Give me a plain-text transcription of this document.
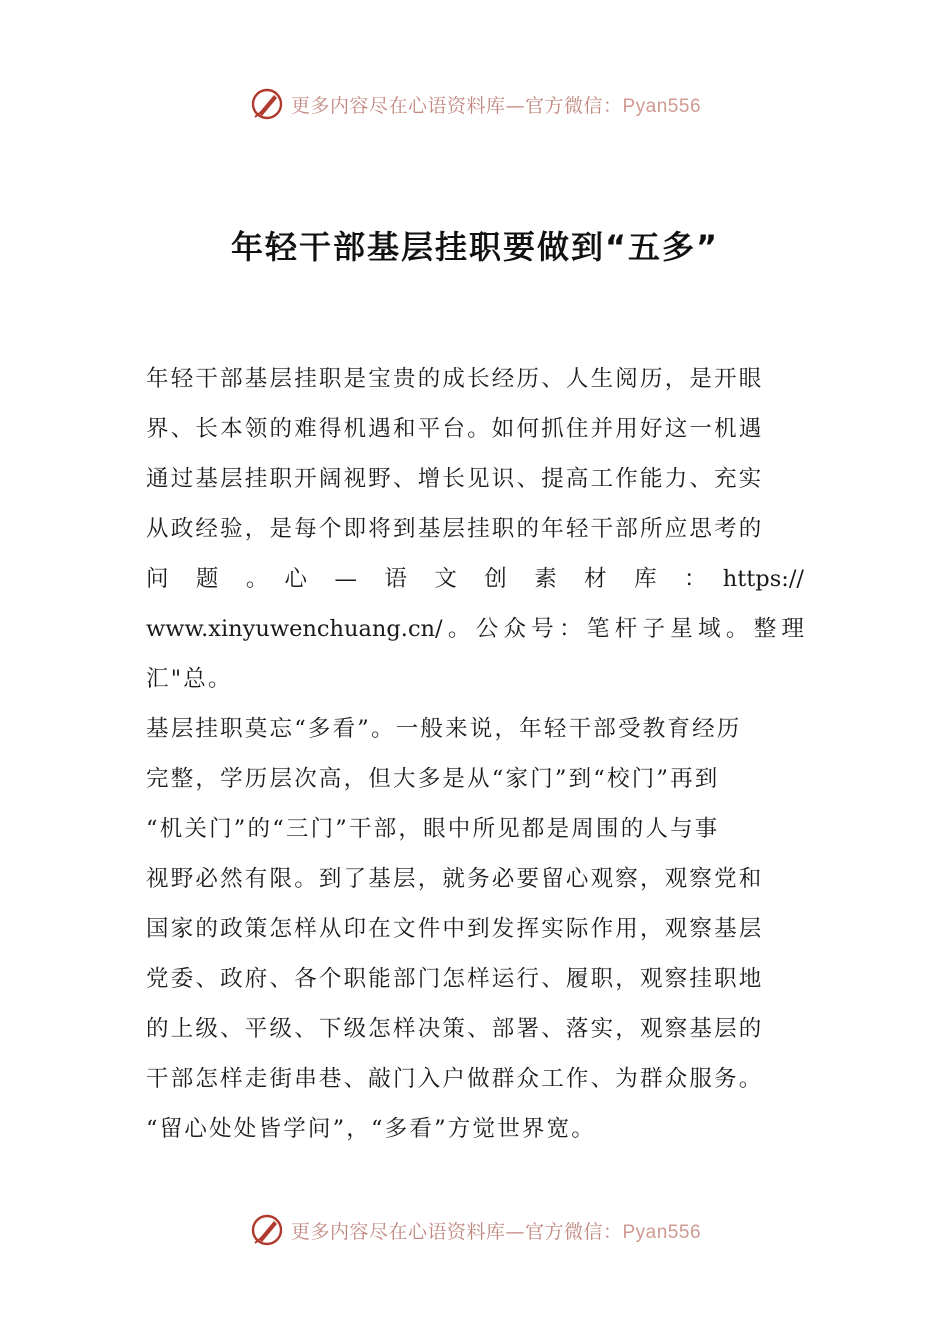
更多内容尽在心语资料库—官方微信：Pyan556
年轻干部基层挂职要做到“五多”
年轻干部基层挂职是宝贵的成长经历、人生阅历，是开眼
界、长本领的难得机遇和平台。如何抓住并用好这一机遇
通过基层挂职开阔视野、增长见识、提高工作能力、充实
从政经验，是每个即将到基层挂职的年轻干部所应思考的
问　题　。　心　—　语　文　创　素　材　库　：　https://
www.xinyuwenchuang.cn/。公众号：笔杆子星域。整理
汇"总。
基层挂职莫忘“多看”。一般来说，年轻干部受教育经历
完整，学历层次高，但大多是从“家门”到“校门”再到
“机关门”的“三门”干部，眼中所见都是周围的人与事
视野必然有限。到了基层，就务必要留心观察，观察党和
国家的政策怎样从印在文件中到发挥实际作用，观察基层
党委、政府、各个职能部门怎样运行、履职，观察挂职地
的上级、平级、下级怎样决策、部署、落实，观察基层的
干部怎样走街串巷、敲门入户做群众工作、为群众服务。
“留心处处皆学问”，“多看”方觉世界宽。
更多内容尽在心语资料库—官方微信：Pyan556
